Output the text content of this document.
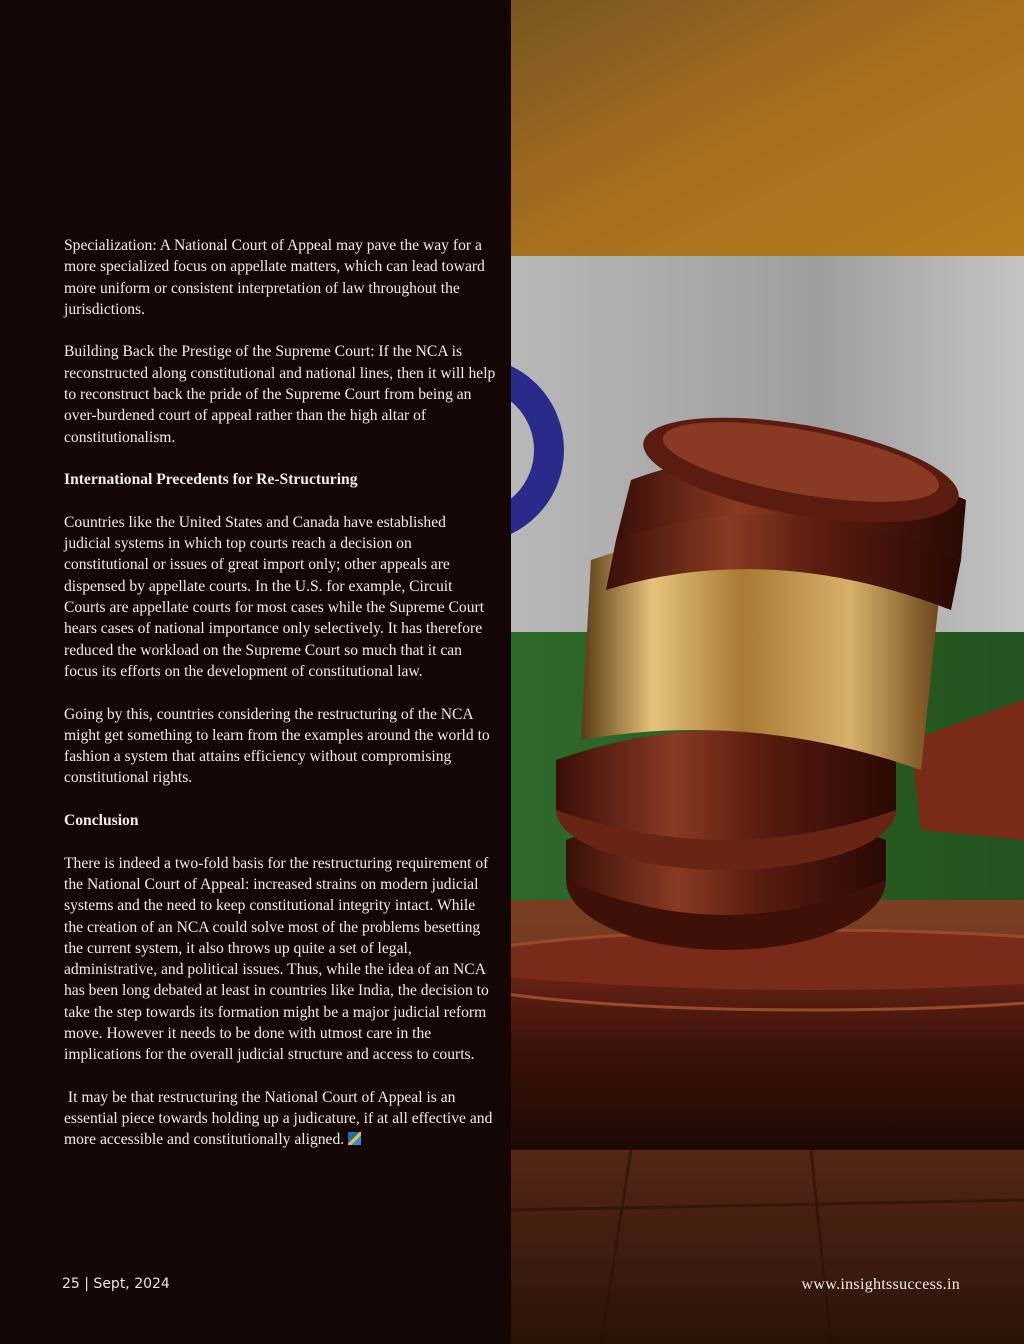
Specialization: A National Court of Appeal may pave the way for a more specialized focus on appellate matters, which can lead toward more uniform or consistent interpretation of law throughout the jurisdictions.

Building Back the Prestige of the Supreme Court: If the NCA is reconstructed along constitutional and national lines, then it will help to reconstruct back the pride of the Supreme Court from being an over-burdened court of appeal rather than the high altar of constitutionalism.

International Precedents for Re-Structuring

Countries like the United States and Canada have established judicial systems in which top courts reach a decision on constitutional or issues of great import only; other appeals are dispensed by appellate courts. In the U.S. for example, Circuit Courts are appellate courts for most cases while the Supreme Court hears cases of national importance only selectively. It has therefore reduced the workload on the Supreme Court so much that it can focus its efforts on the development of constitutional law.

Going by this, countries considering the restructuring of the NCA might get something to learn from the examples around the world to fashion a system that attains efficiency without compromising constitutional rights.

Conclusion

There is indeed a two-fold basis for the restructuring requirement of the National Court of Appeal: increased strains on modern judicial systems and the need to keep constitutional integrity intact. While the creation of an NCA could solve most of the problems besetting the current system, it also throws up quite a set of legal, administrative, and political issues. Thus, while the idea of an NCA has been long debated at least in countries like India, the decision to take the step towards its formation might be a major judicial reform move. However it needs to be done with utmost care in the implications for the overall judicial structure and access to courts.

It may be that restructuring the National Court of Appeal is an essential piece towards holding up a judicature, if at all effective and more accessible and constitutionally aligned.

25 | Sept, 2024	www.insightssuccess.in
